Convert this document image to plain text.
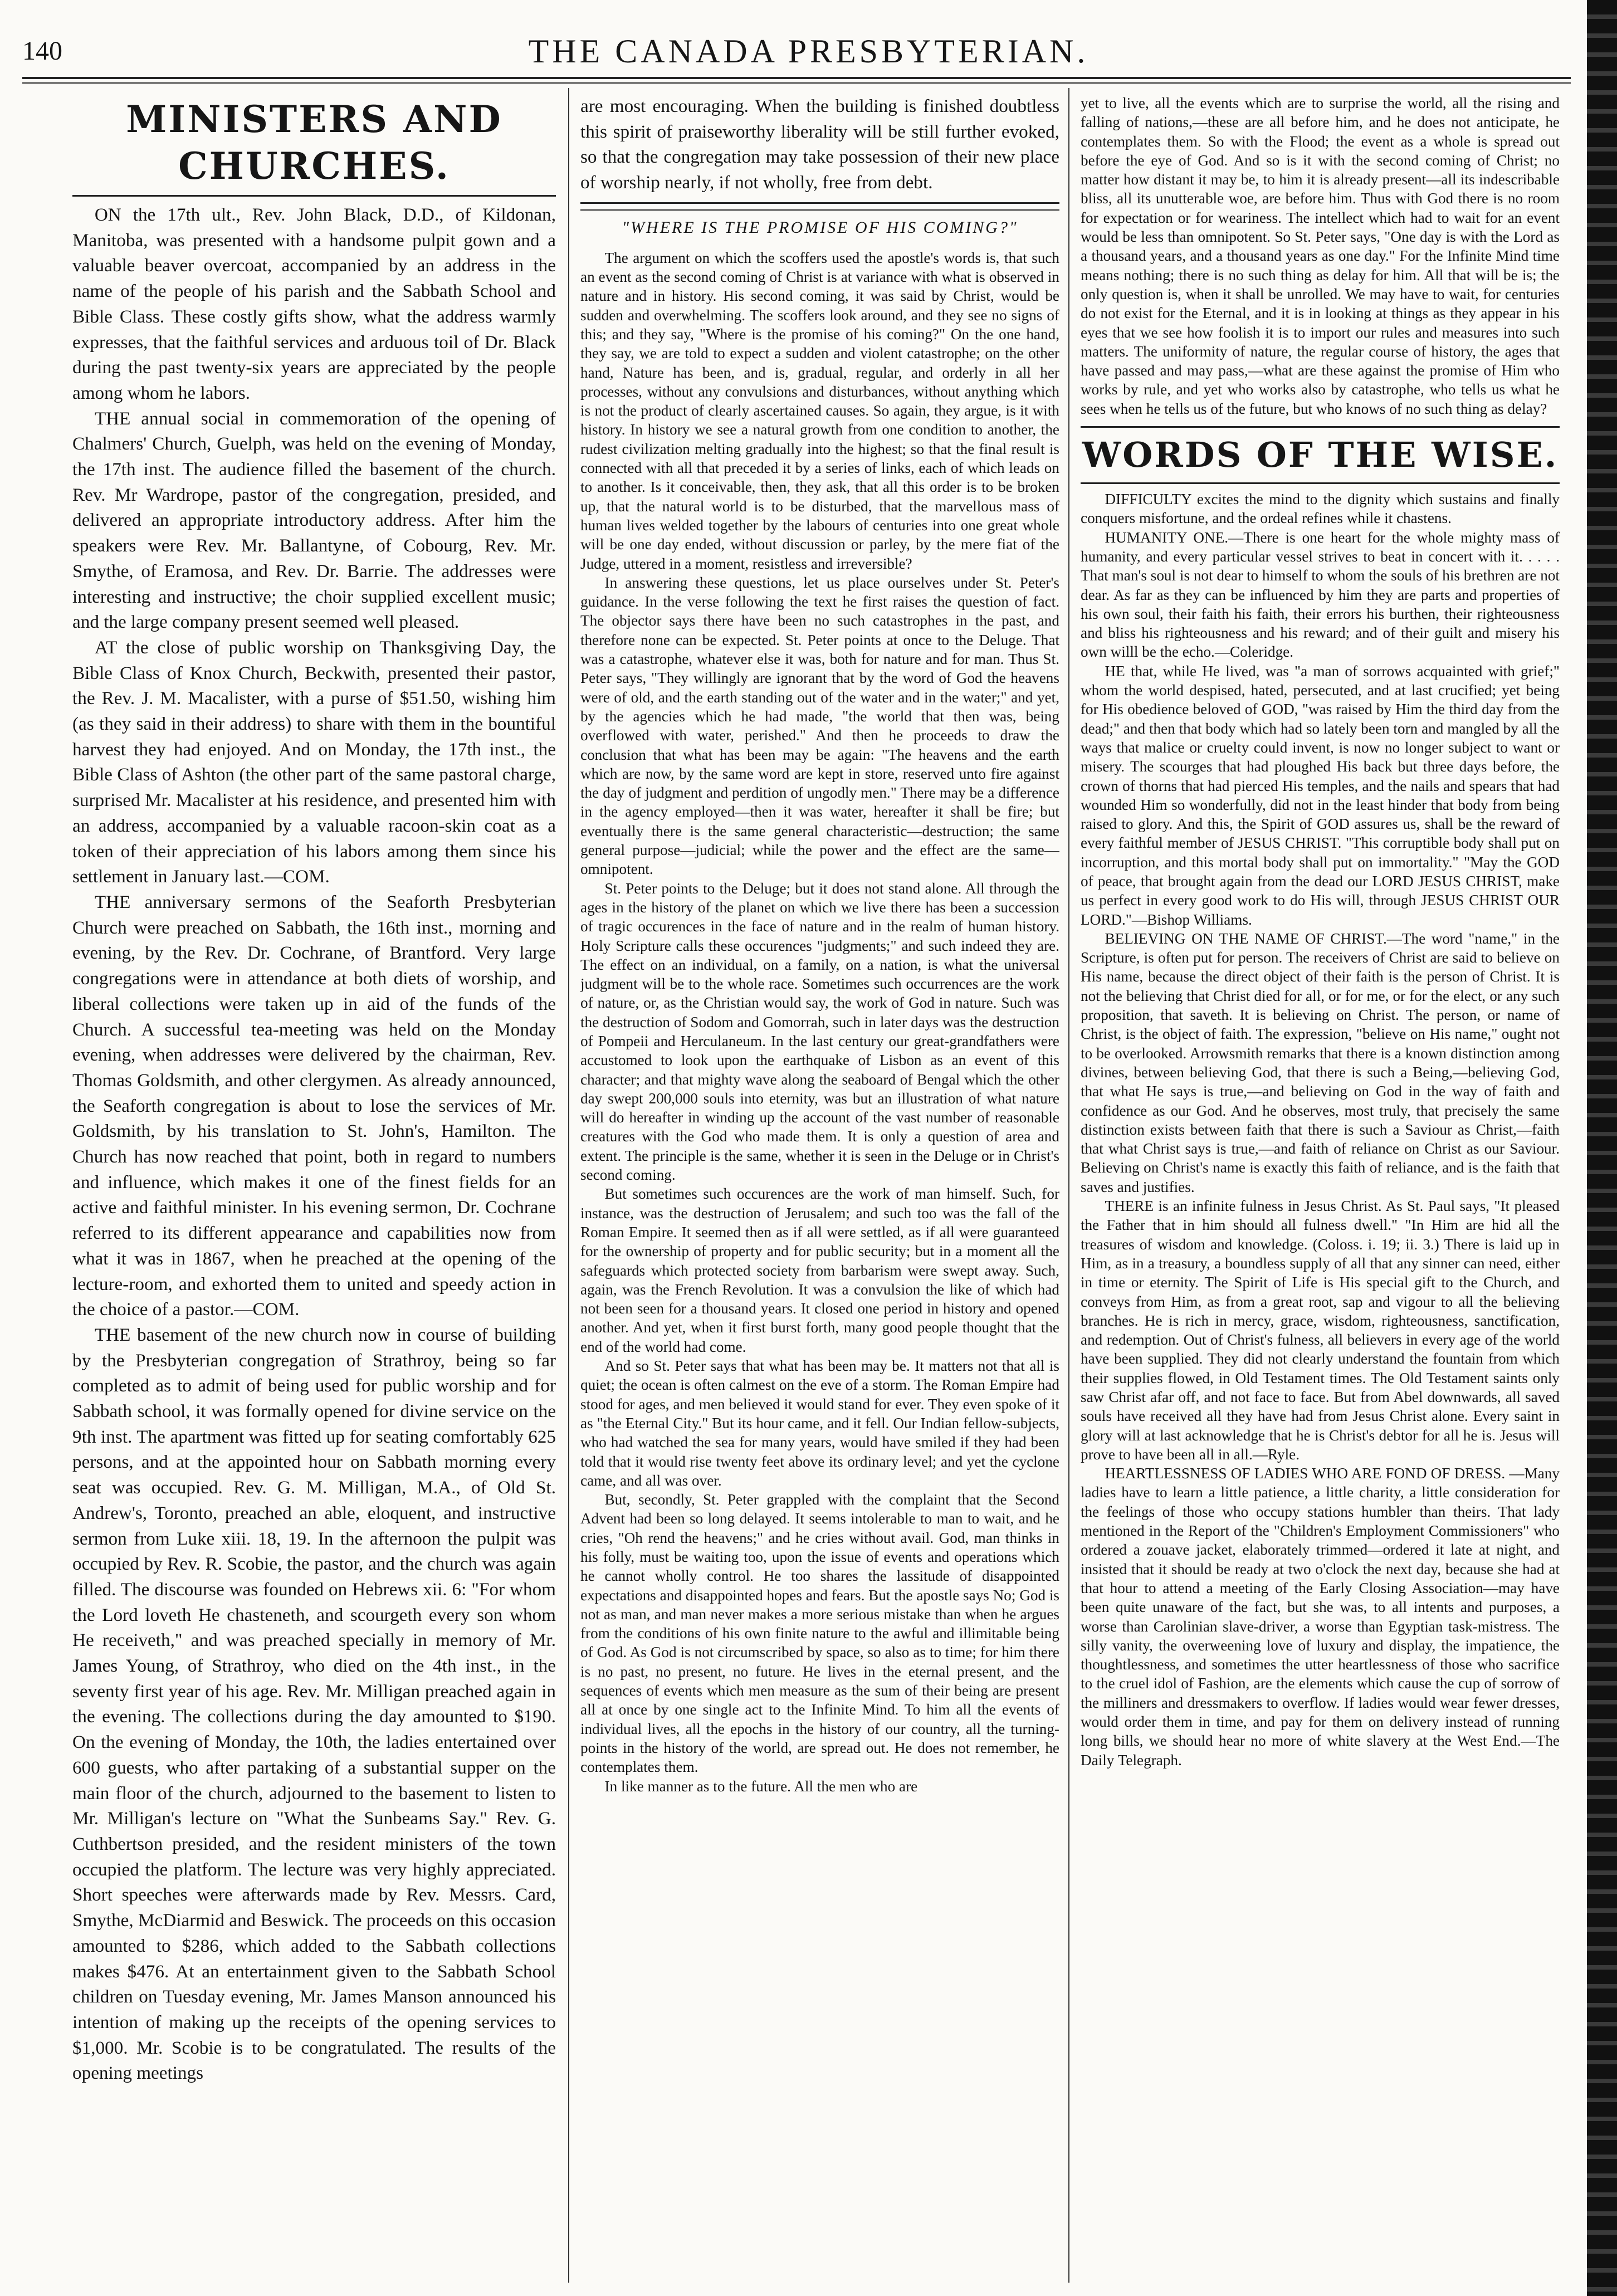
140	THE CANADA PRESBYTERIAN.
MINISTERS AND CHURCHES.

ON the 17th ult., Rev. John Black, D.D., of Kildonan, Manitoba, was presented with a handsome pulpit gown and a valuable beaver overcoat, accompanied by an address in the name of the people of his parish and the Sabbath School and Bible Class. These costly gifts show, what the address warmly expresses, that the faithful services and arduous toil of Dr. Black during the past twenty-six years are appreciated by the people among whom he labors.

THE annual social in commemoration of the opening of Chalmers' Church, Guelph, was held on the evening of Monday, the 17th inst. The audience filled the basement of the church. Rev. Mr Wardrope, pastor of the congregation, presided, and delivered an appropriate introductory address. After him the speakers were Rev. Mr. Ballantyne, of Cobourg, Rev. Mr. Smythe, of Eramosa, and Rev. Dr. Barrie. The addresses were interesting and instructive; the choir supplied excellent music; and the large company present seemed well pleased.

AT the close of public worship on Thanksgiving Day, the Bible Class of Knox Church, Beckwith, presented their pastor, the Rev. J. M. Macalister, with a purse of $51.50, wishing him (as they said in their address) to share with them in the bountiful harvest they had enjoyed. And on Monday, the 17th inst., the Bible Class of Ashton (the other part of the same pastoral charge, surprised Mr. Macalister at his residence, and presented him with an address, accompanied by a valuable racoon-skin coat as a token of their appreciation of his labors among them since his settlement in January last.—COM.

THE anniversary sermons of the Seaforth Presbyterian Church were preached on Sabbath, the 16th inst., morning and evening, by the Rev. Dr. Cochrane, of Brantford. Very large congregations were in attendance at both diets of worship, and liberal collections were taken up in aid of the funds of the Church. A successful tea-meeting was held on the Monday evening, when addresses were delivered by the chairman, Rev. Thomas Goldsmith, and other clergymen. As already announced, the Seaforth congregation is about to lose the services of Mr. Goldsmith, by his translation to St. John's, Hamilton. The Church has now reached that point, both in regard to numbers and influence, which makes it one of the finest fields for an active and faithful minister. In his evening sermon, Dr. Cochrane referred to its different appearance and capabilities now from what it was in 1867, when he preached at the opening of the lecture-room, and exhorted them to united and speedy action in the choice of a pastor.—COM.

THE basement of the new church now in course of building by the Presbyterian congregation of Strathroy, being so far completed as to admit of being used for public worship and for Sabbath school, it was formally opened for divine service on the 9th inst. The apartment was fitted up for seating comfortably 625 persons, and at the appointed hour on Sabbath morning every seat was occupied. Rev. G. M. Milligan, M.A., of Old St. Andrew's, Toronto, preached an able, eloquent, and instructive sermon from Luke xiii. 18, 19. In the afternoon the pulpit was occupied by Rev. R. Scobie, the pastor, and the church was again filled. The discourse was founded on Hebrews xii. 6: "For whom the Lord loveth He chasteneth, and scourgeth every son whom He receiveth," and was preached specially in memory of Mr. James Young, of Strathroy, who died on the 4th inst., in the seventy first year of his age. Rev. Mr. Milligan preached again in the evening. The collections during the day amounted to $190. On the evening of Monday, the 10th, the ladies entertained over 600 guests, who after partaking of a substantial supper on the main floor of the church, adjourned to the basement to listen to Mr. Milligan's lecture on "What the Sunbeams Say." Rev. G. Cuthbertson presided, and the resident ministers of the town occupied the platform. The lecture was very highly appreciated. Short speeches were afterwards made by Rev. Messrs. Card, Smythe, McDiarmid and Beswick. The proceeds on this occasion amounted to $286, which added to the Sabbath collections makes $476. At an entertainment given to the Sabbath School children on Tuesday evening, Mr. James Manson announced his intention of making up the receipts of the opening services to $1,000. Mr. Scobie is to be congratulated. The results of the opening meetings

are most encouraging. When the building is finished doubtless this spirit of praiseworthy liberality will be still further evoked, so that the congregation may take possession of their new place of worship nearly, if not wholly, free from debt.

"WHERE IS THE PROMISE OF HIS COMING?"

The argument on which the scoffers used the apostle's words is, that such an event as the second coming of Christ is at variance with what is observed in nature and in history. His second coming, it was said by Christ, would be sudden and overwhelming. The scoffers look around, and they see no signs of this; and they say, "Where is the promise of his coming?" On the one hand, they say, we are told to expect a sudden and violent catastrophe; on the other hand, Nature has been, and is, gradual, regular, and orderly in all her processes, without any convulsions and disturbances, without anything which is not the product of clearly ascertained causes. So again, they argue, is it with history. In history we see a natural growth from one condition to another, the rudest civilization melting gradually into the highest; so that the final result is connected with all that preceded it by a series of links, each of which leads on to another. Is it conceivable, then, they ask, that all this order is to be broken up, that the natural world is to be disturbed, that the marvellous mass of human lives welded together by the labours of centuries into one great whole will be one day ended, without discussion or parley, by the mere fiat of the Judge, uttered in a moment, resistless and irreversible?

In answering these questions, let us place ourselves under St. Peter's guidance. In the verse following the text he first raises the question of fact. The objector says there have been no such catastrophes in the past, and therefore none can be expected. St. Peter points at once to the Deluge. That was a catastrophe, whatever else it was, both for nature and for man. Thus St. Peter says, "They willingly are ignorant that by the word of God the heavens were of old, and the earth standing out of the water and in the water;" and yet, by the agencies which he had made, "the world that then was, being overflowed with water, perished." And then he proceeds to draw the conclusion that what has been may be again: "The heavens and the earth which are now, by the same word are kept in store, reserved unto fire against the day of judgment and perdition of ungodly men." There may be a difference in the agency employed—then it was water, hereafter it shall be fire; but eventually there is the same general characteristic—destruction; the same general purpose—judicial; while the power and the effect are the same—omnipotent.

St. Peter points to the Deluge; but it does not stand alone. All through the ages in the history of the planet on which we live there has been a succession of tragic occurences in the face of nature and in the realm of human history. Holy Scripture calls these occurences "judgments;" and such indeed they are. The effect on an individual, on a family, on a nation, is what the universal judgment will be to the whole race. Sometimes such occurrences are the work of nature, or, as the Christian would say, the work of God in nature. Such was the destruction of Sodom and Gomorrah, such in later days was the destruction of Pompeii and Herculaneum. In the last century our great-grandfathers were accustomed to look upon the earthquake of Lisbon as an event of this character; and that mighty wave along the seaboard of Bengal which the other day swept 200,000 souls into eternity, was but an illustration of what nature will do hereafter in winding up the account of the vast number of reasonable creatures with the God who made them. It is only a question of area and extent. The principle is the same, whether it is seen in the Deluge or in Christ's second coming.

But sometimes such occurences are the work of man himself. Such, for instance, was the destruction of Jerusalem; and such too was the fall of the Roman Empire. It seemed then as if all were settled, as if all were guaranteed for the ownership of property and for public security; but in a moment all the safeguards which protected society from barbarism were swept away. Such, again, was the French Revolution. It was a convulsion the like of which had not been seen for a thousand years. It closed one period in history and opened another. And yet, when it first burst forth, many good people thought that the end of the world had come.

And so St. Peter says that what has been may be. It matters not that all is quiet; the ocean is often calmest on the eve of a storm. The Roman Empire had stood for ages, and men believed it would stand for ever. They even spoke of it as "the Eternal City." But its hour came, and it fell. Our Indian fellow-subjects, who had watched the sea for many years, would have smiled if they had been told that it would rise twenty feet above its ordinary level; and yet the cyclone came, and all was over.

But, secondly, St. Peter grappled with the complaint that the Second Advent had been so long delayed. It seems intolerable to man to wait, and he cries, "Oh rend the heavens;" and he cries without avail. God, man thinks in his folly, must be waiting too, upon the issue of events and operations which he cannot wholly control. He too shares the lassitude of disappointed expectations and disappointed hopes and fears. But the apostle says No; God is not as man, and man never makes a more serious mistake than when he argues from the conditions of his own finite nature to the awful and illimitable being of God. As God is not circumscribed by space, so also as to time; for him there is no past, no present, no future. He lives in the eternal present, and the sequences of events which men measure as the sum of their being are present all at once by one single act to the Infinite Mind. To him all the events of individual lives, all the epochs in the history of our country, all the turning-points in the history of the world, are spread out. He does not remember, he contemplates them.

In like manner as to the future. All the men who are

yet to live, all the events which are to surprise the world, all the rising and falling of nations,—these are all before him, and he does not anticipate, he contemplates them. So with the Flood; the event as a whole is spread out before the eye of God. And so is it with the second coming of Christ; no matter how distant it may be, to him it is already present—all its indescribable bliss, all its unutterable woe, are before him. Thus with God there is no room for expectation or for weariness. The intellect which had to wait for an event would be less than omnipotent. So St. Peter says, "One day is with the Lord as a thousand years, and a thousand years as one day." For the Infinite Mind time means nothing; there is no such thing as delay for him. All that will be is; the only question is, when it shall be unrolled. We may have to wait, for centuries do not exist for the Eternal, and it is in looking at things as they appear in his eyes that we see how foolish it is to import our rules and measures into such matters. The uniformity of nature, the regular course of history, the ages that have passed and may pass,—what are these against the promise of Him who works by rule, and yet who works also by catastrophe, who tells us what he sees when he tells us of the future, but who knows of no such thing as delay?

WORDS OF THE WISE.

DIFFICULTY excites the mind to the dignity which sustains and finally conquers misfortune, and the ordeal refines while it chastens.

HUMANITY ONE.—There is one heart for the whole mighty mass of humanity, and every particular vessel strives to beat in concert with it. . . . . That man's soul is not dear to himself to whom the souls of his brethren are not dear. As far as they can be influenced by him they are parts and properties of his own soul, their faith his faith, their errors his burthen, their righteousness and bliss his righteousness and his reward; and of their guilt and misery his own willl be the echo.—Coleridge.

HE that, while He lived, was "a man of sorrows acquainted with grief;" whom the world despised, hated, persecuted, and at last crucified; yet being for His obedience beloved of GOD, "was raised by Him the third day from the dead;" and then that body which had so lately been torn and mangled by all the ways that malice or cruelty could invent, is now no longer subject to want or misery. The scourges that had ploughed His back but three days before, the crown of thorns that had pierced His temples, and the nails and spears that had wounded Him so wonderfully, did not in the least hinder that body from being raised to glory. And this, the Spirit of GOD assures us, shall be the reward of every faithful member of JESUS CHRIST. "This corruptible body shall put on incorruption, and this mortal body shall put on immortality." "May the GOD of peace, that brought again from the dead our LORD JESUS CHRIST, make us perfect in every good work to do His will, through JESUS CHRIST OUR LORD."—Bishop Williams.

BELIEVING ON THE NAME OF CHRIST.—The word "name," in the Scripture, is often put for person. The receivers of Christ are said to believe on His name, because the direct object of their faith is the person of Christ. It is not the believing that Christ died for all, or for me, or for the elect, or any such proposition, that saveth. It is believing on Christ. The person, or name of Christ, is the object of faith. The expression, "believe on His name," ought not to be overlooked. Arrowsmith remarks that there is a known distinction among divines, between believing God, that there is such a Being,—believing God, that what He says is true,—and believing on God in the way of faith and confidence as our God. And he observes, most truly, that precisely the same distinction exists between faith that there is such a Saviour as Christ,—faith that what Christ says is true,—and faith of reliance on Christ as our Saviour. Believing on Christ's name is exactly this faith of reliance, and is the faith that saves and justifies.

THERE is an infinite fulness in Jesus Christ. As St. Paul says, "It pleased the Father that in him should all fulness dwell." "In Him are hid all the treasures of wisdom and knowledge. (Coloss. i. 19; ii. 3.) There is laid up in Him, as in a treasury, a boundless supply of all that any sinner can need, either in time or eternity. The Spirit of Life is His special gift to the Church, and conveys from Him, as from a great root, sap and vigour to all the believing branches. He is rich in mercy, grace, wisdom, righteousness, sanctification, and redemption. Out of Christ's fulness, all believers in every age of the world have been supplied. They did not clearly understand the fountain from which their supplies flowed, in Old Testament times. The Old Testament saints only saw Christ afar off, and not face to face. But from Abel downwards, all saved souls have received all they have had from Jesus Christ alone. Every saint in glory will at last acknowledge that he is Christ's debtor for all he is. Jesus will prove to have been all in all.—Ryle.

HEARTLESSNESS OF LADIES WHO ARE FOND OF DRESS. —Many ladies have to learn a little patience, a little charity, a little consideration for the feelings of those who occupy stations humbler than theirs. That lady mentioned in the Report of the "Children's Employment Commissioners" who ordered a zouave jacket, elaborately trimmed—ordered it late at night, and insisted that it should be ready at two o'clock the next day, because she had at that hour to attend a meeting of the Early Closing Association—may have been quite unaware of the fact, but she was, to all intents and purposes, a worse than Carolinian slave-driver, a worse than Egyptian task-mistress. The silly vanity, the overweening love of luxury and display, the impatience, the thoughtlessness, and sometimes the utter heartlessness of those who sacrifice to the cruel idol of Fashion, are the elements which cause the cup of sorrow of the milliners and dressmakers to overflow. If ladies would wear fewer dresses, would order them in time, and pay for them on delivery instead of running long bills, we should hear no more of white slavery at the West End.—The Daily Telegraph.
